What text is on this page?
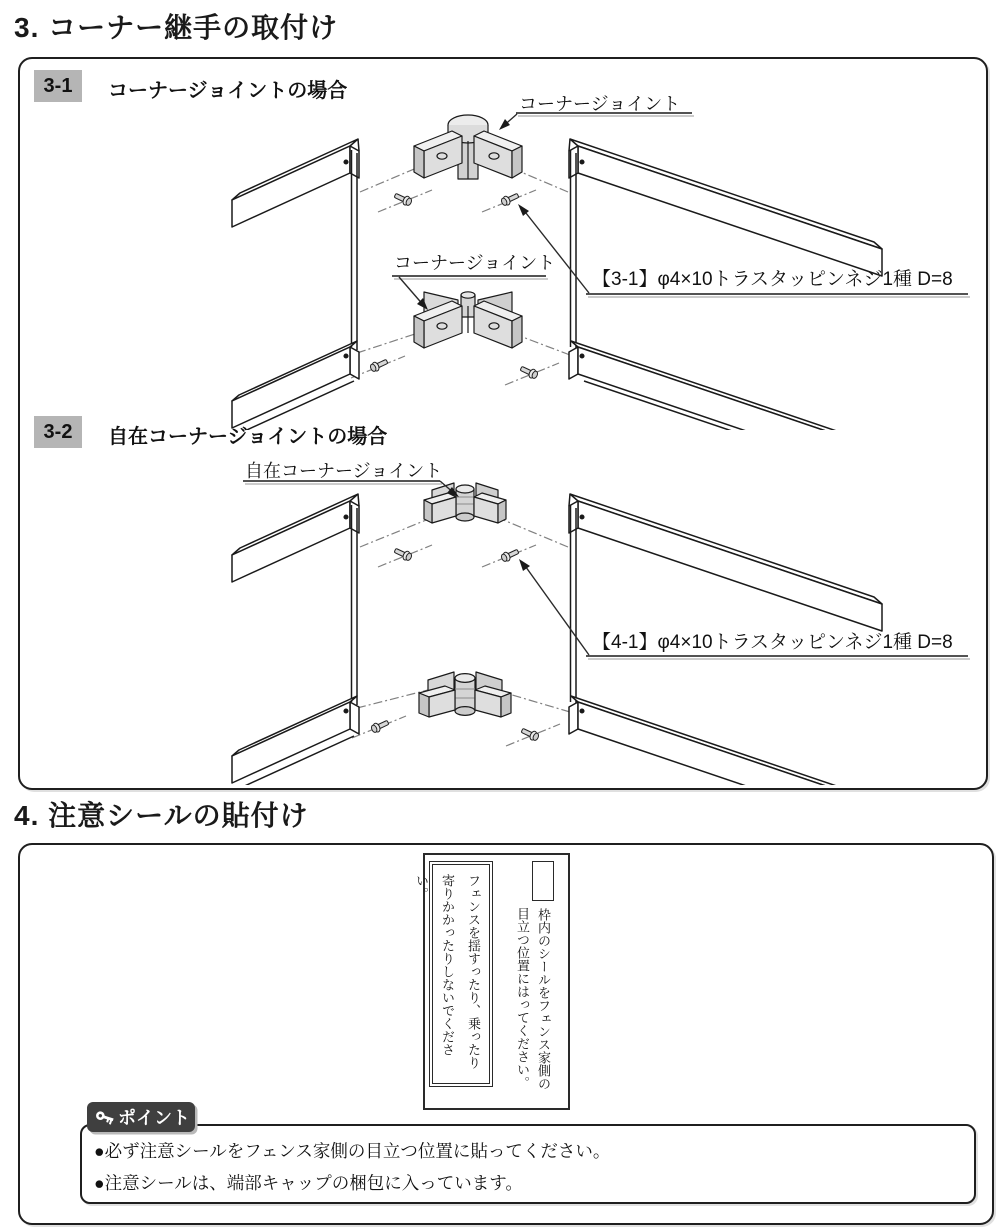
3. コーナー継手の取付け
3-1	コーナージョイントの場合
コーナージョイント
コーナージョイント
【3-1】φ4×10トラスタッピンネジ1種 D=8
3-2	自在コーナージョイントの場合
自在コーナージョイント
【4-1】φ4×10トラスタッピンネジ1種 D=8
4. 注意シールの貼付け
フェンスを揺すったり、乗ったり
寄りかかったりしないでください。
枠内のシールをフェンス家側の
目立つ位置にはってください。
ポイント
●必ず注意シールをフェンス家側の目立つ位置に貼ってください。
●注意シールは、端部キャップの梱包に入っています。
